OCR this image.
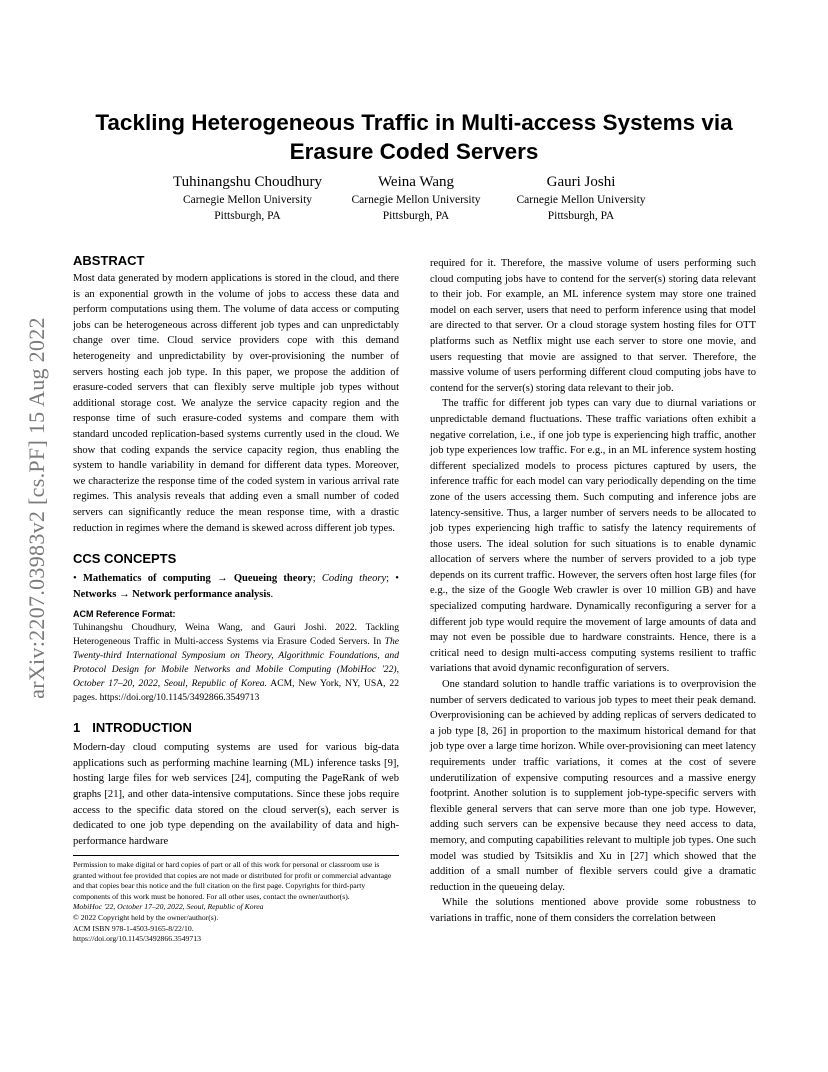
arXiv:2207.03983v2 [cs.PF] 15 Aug 2022
Tackling Heterogeneous Traffic in Multi-access Systems via Erasure Coded Servers
Tuhinangshu Choudhury
Carnegie Mellon University
Pittsburgh, PA
Weina Wang
Carnegie Mellon University
Pittsburgh, PA
Gauri Joshi
Carnegie Mellon University
Pittsburgh, PA
ABSTRACT

Most data generated by modern applications is stored in the cloud, and there is an exponential growth in the volume of jobs to access these data and perform computations using them. The volume of data access or computing jobs can be heterogeneous across different job types and can unpredictably change over time. Cloud service providers cope with this demand heterogeneity and unpredictability by over-provisioning the number of servers hosting each job type. In this paper, we propose the addition of erasure-coded servers that can flexibly serve multiple job types without additional storage cost. We analyze the service capacity region and the response time of such erasure-coded systems and compare them with standard uncoded replication-based systems currently used in the cloud. We show that coding expands the service capacity region, thus enabling the system to handle variability in demand for different data types. Moreover, we characterize the response time of the coded system in various arrival rate regimes. This analysis reveals that adding even a small number of coded servers can significantly reduce the mean response time, with a drastic reduction in regimes where the demand is skewed across different job types.

CCS CONCEPTS

• Mathematics of computing → Queueing theory; Coding theory; • Networks → Network performance analysis.

ACM Reference Format:

Tuhinangshu Choudhury, Weina Wang, and Gauri Joshi. 2022. Tackling Heterogeneous Traffic in Multi-access Systems via Erasure Coded Servers. In The Twenty-third International Symposium on Theory, Algorithmic Foundations, and Protocol Design for Mobile Networks and Mobile Computing (MobiHoc '22), October 17–20, 2022, Seoul, Republic of Korea. ACM, New York, NY, USA, 22 pages. https://doi.org/10.1145/3492866.3549713

1 INTRODUCTION

Modern-day cloud computing systems are used for various big-data applications such as performing machine learning (ML) inference tasks [9], hosting large files for web services [24], computing the PageRank of web graphs [21], and other data-intensive computations. Since these jobs require access to the specific data stored on the cloud server(s), each server is dedicated to one job type depending on the availability of data and high-performance hardware

Permission to make digital or hard copies of part or all of this work for personal or classroom use is granted without fee provided that copies are not made or distributed for profit or commercial advantage and that copies bear this notice and the full citation on the first page. Copyrights for third-party components of this work must be honored. For all other uses, contact the owner/author(s).

MobiHoc '22, October 17–20, 2022, Seoul, Republic of Korea

© 2022 Copyright held by the owner/author(s).

ACM ISBN 978-1-4503-9165-8/22/10.

https://doi.org/10.1145/3492866.3549713

required for it. Therefore, the massive volume of users performing such cloud computing jobs have to contend for the server(s) storing data relevant to their job. For example, an ML inference system may store one trained model on each server, users that need to perform inference using that model are directed to that server. Or a cloud storage system hosting files for OTT platforms such as Netflix might use each server to store one movie, and users requesting that movie are assigned to that server. Therefore, the massive volume of users performing different cloud computing jobs have to contend for the server(s) storing data relevant to their job.

The traffic for different job types can vary due to diurnal variations or unpredictable demand fluctuations. These traffic variations often exhibit a negative correlation, i.e., if one job type is experiencing high traffic, another job type experiences low traffic. For e.g., in an ML inference system hosting different specialized models to process pictures captured by users, the inference traffic for each model can vary periodically depending on the time zone of the users accessing them. Such computing and inference jobs are latency-sensitive. Thus, a larger number of servers needs to be allocated to job types experiencing high traffic to satisfy the latency requirements of those users. The ideal solution for such situations is to enable dynamic allocation of servers where the number of servers provided to a job type depends on its current traffic. However, the servers often host large files (for e.g., the size of the Google Web crawler is over 10 million GB) and have specialized computing hardware. Dynamically reconfiguring a server for a different job type would require the movement of large amounts of data and may not even be possible due to hardware constraints. Hence, there is a critical need to design multi-access computing systems resilient to traffic variations that avoid dynamic reconfiguration of servers.

One standard solution to handle traffic variations is to overprovision the number of servers dedicated to various job types to meet their peak demand. Overprovisioning can be achieved by adding replicas of servers dedicated to a job type [8, 26] in proportion to the maximum historical demand for that job type over a large time horizon. While over-provisioning can meet latency requirements under traffic variations, it comes at the cost of severe underutilization of expensive computing resources and a massive energy footprint. Another solution is to supplement job-type-specific servers with flexible general servers that can serve more than one job type. However, adding such servers can be expensive because they need access to data, memory, and computing capabilities relevant to multiple job types. One such model was studied by Tsitsiklis and Xu in [27] which showed that the addition of a small number of flexible servers could give a dramatic reduction in the queueing delay.

While the solutions mentioned above provide some robustness to variations in traffic, none of them considers the correlation between
